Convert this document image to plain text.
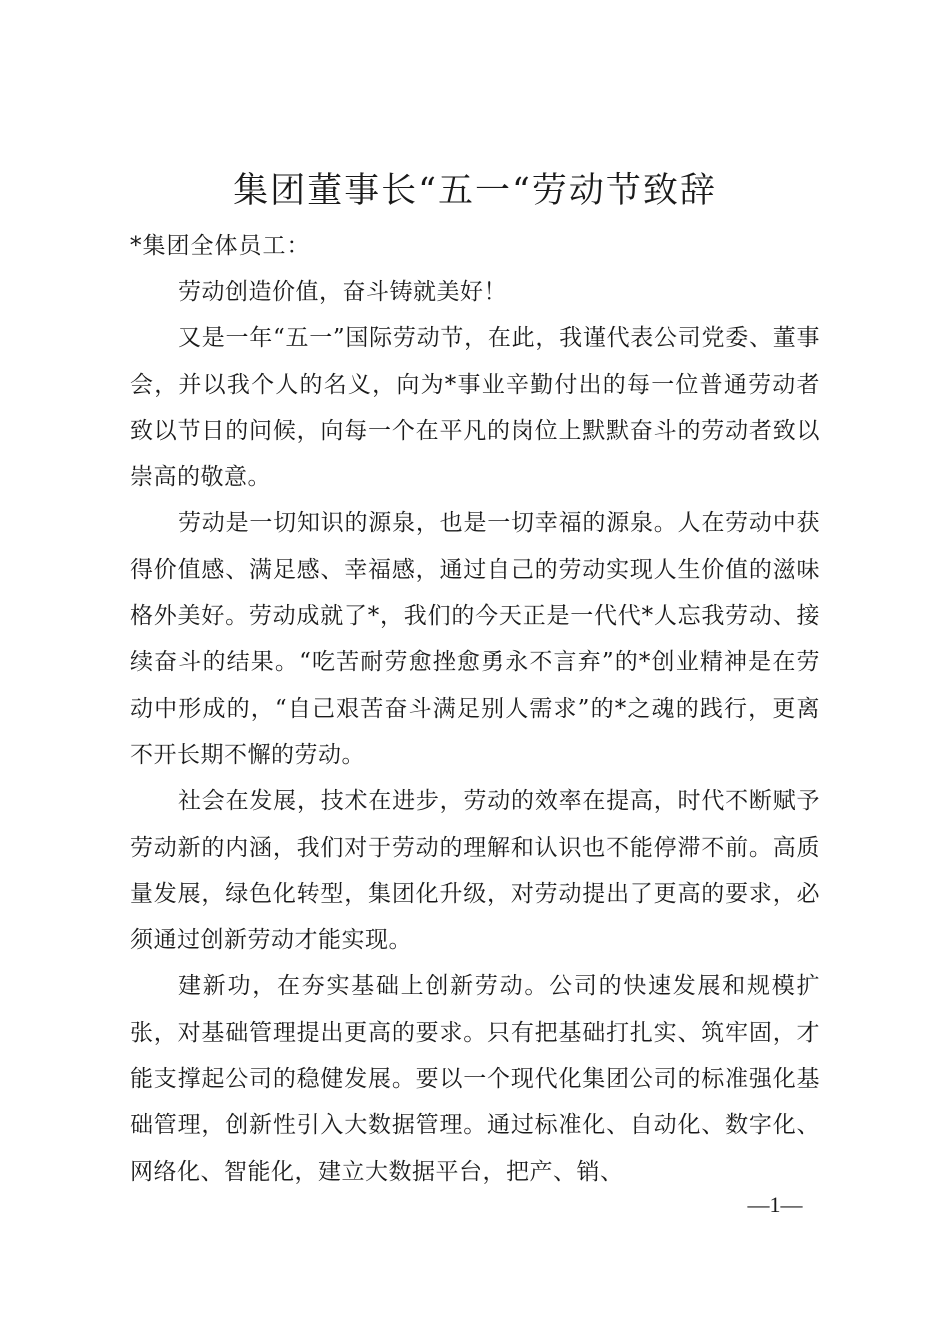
集团董事长“五一“劳动节致辞
*集团全体员工：

劳动创造价值，奋斗铸就美好！

又是一年“五一”国际劳动节，在此，我谨代表公司党委、董事会，并以我个人的名义，向为*事业辛勤付出的每一位普通劳动者致以节日的问候，向每一个在平凡的岗位上默默奋斗的劳动者致以崇高的敬意。

劳动是一切知识的源泉，也是一切幸福的源泉。人在劳动中获得价值感、满足感、幸福感，通过自己的劳动实现人生价值的滋味格外美好。劳动成就了*，我们的今天正是一代代*人忘我劳动、接续奋斗的结果。“吃苦耐劳愈挫愈勇永不言弃”的*创业精神是在劳动中形成的，“自己艰苦奋斗满足别人需求”的*之魂的践行，更离不开长期不懈的劳动。

社会在发展，技术在进步，劳动的效率在提高，时代不断赋予劳动新的内涵，我们对于劳动的理解和认识也不能停滞不前。高质量发展，绿色化转型，集团化升级，对劳动提出了更高的要求，必须通过创新劳动才能实现。

建新功，在夯实基础上创新劳动。公司的快速发展和规模扩张，对基础管理提出更高的要求。只有把基础打扎实、筑牢固，才能支撑起公司的稳健发展。要以一个现代化集团公司的标准强化基础管理，创新性引入大数据管理。通过标准化、自动化、数字化、网络化、智能化，建立大数据平台，把产、销、

—1—
